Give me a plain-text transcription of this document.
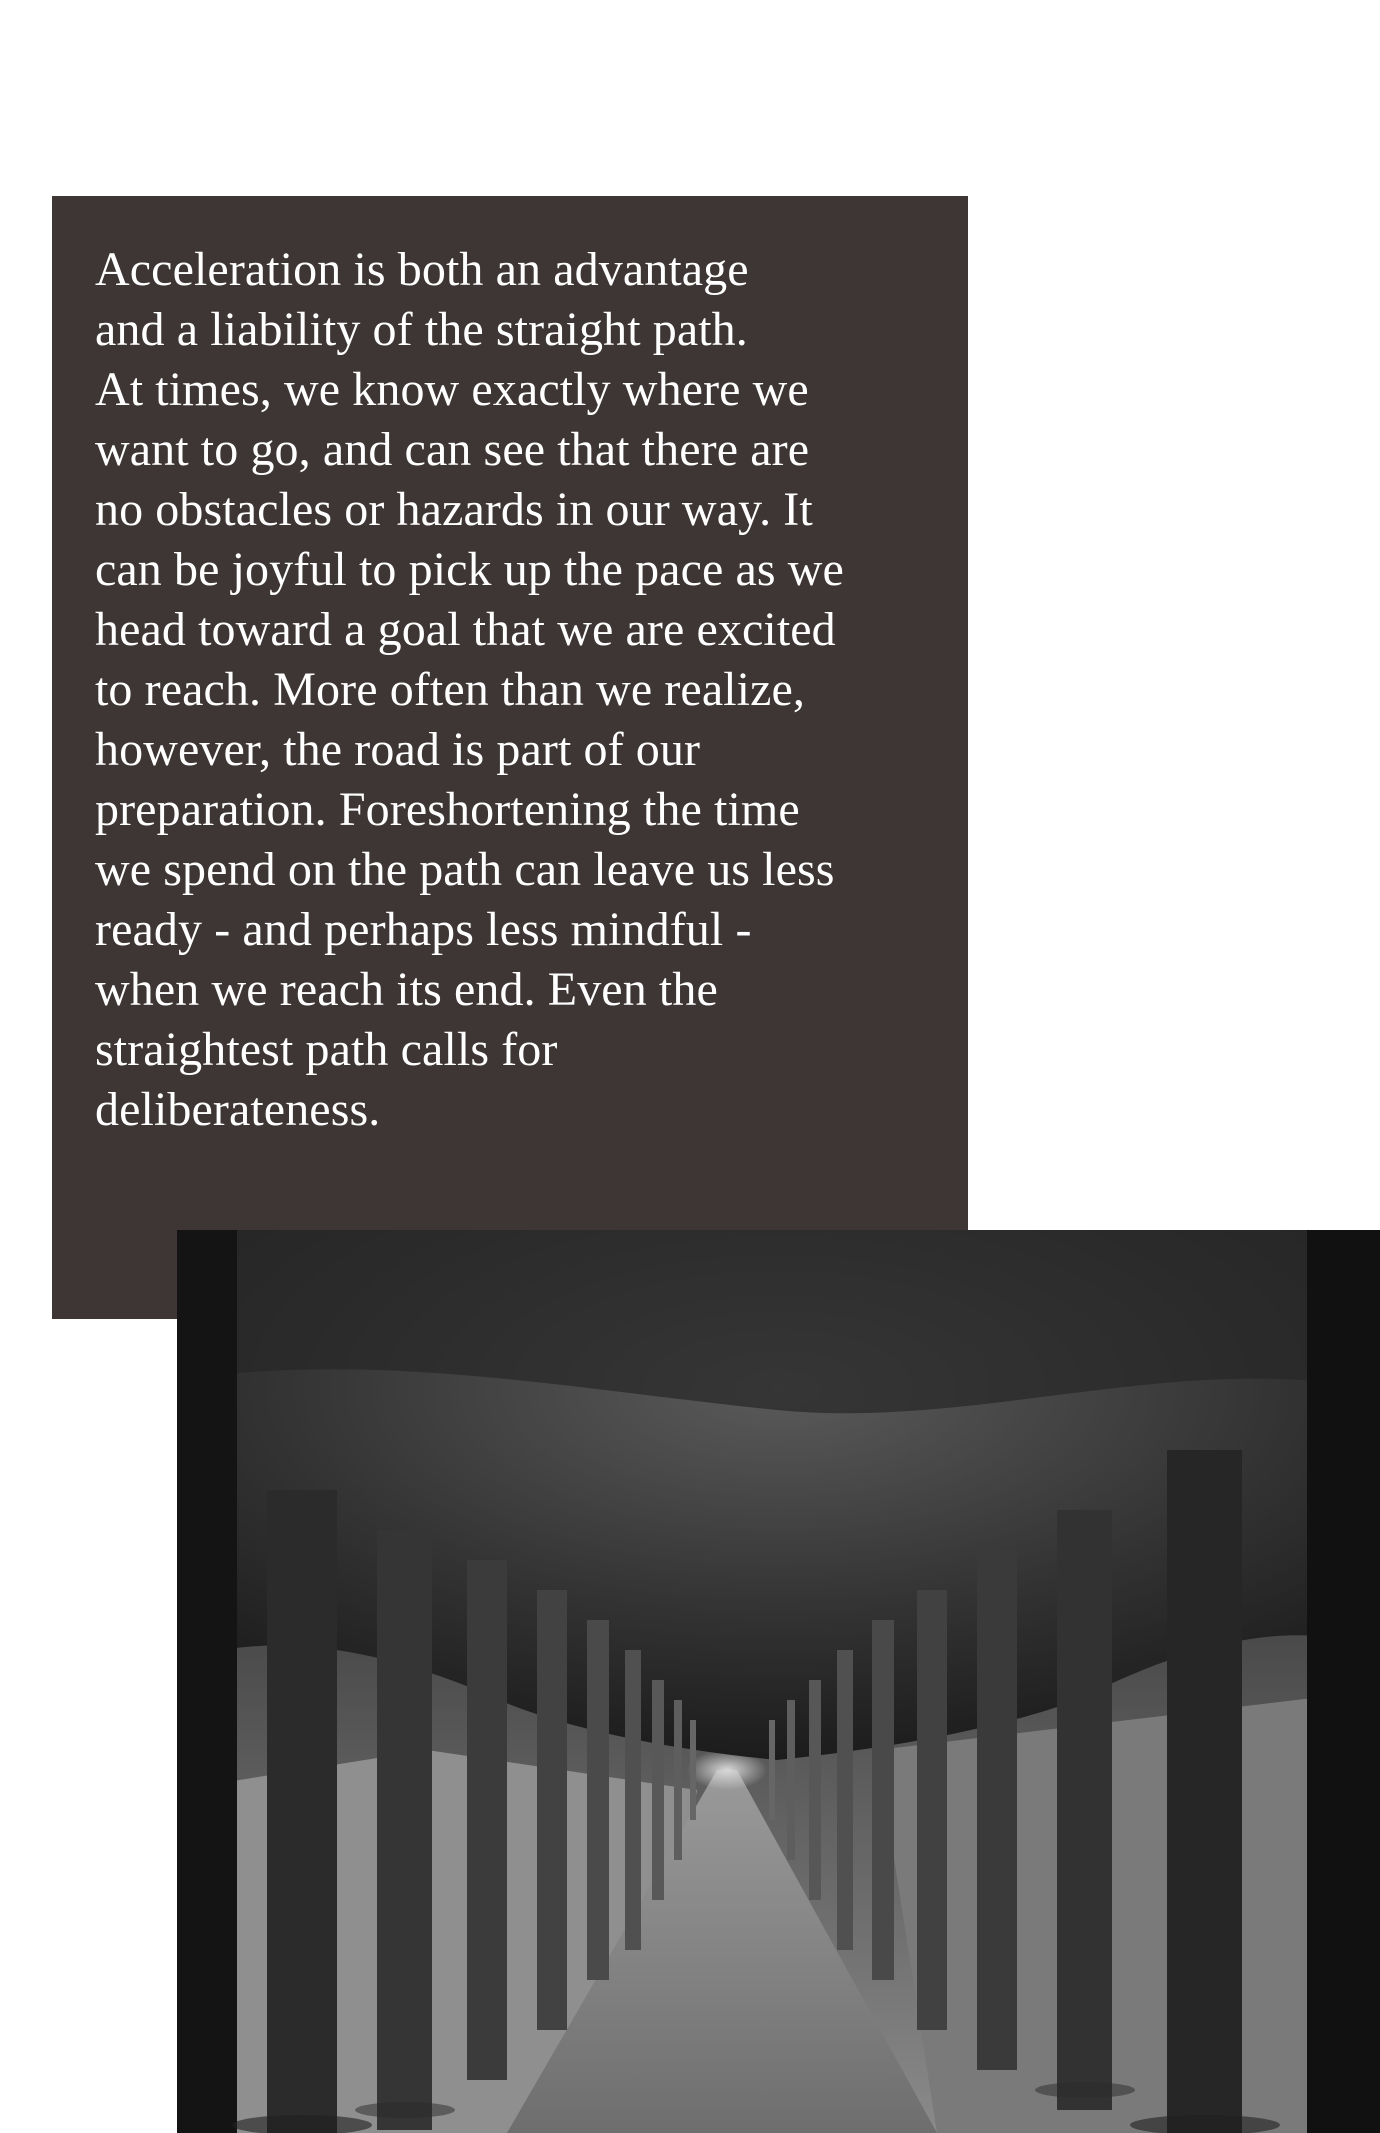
Acceleration is both an advantage
and a liability of the straight path.
At times, we know exactly where we
want to go, and can see that there are
no obstacles or hazards in our way. It
can be joyful to pick up the pace as we
head toward a goal that we are excited
to reach. More often than we realize,
however, the road is part of our
preparation. Foreshortening the time
we spend on the path can leave us less
ready - and perhaps less mindful -
when we reach its end. Even the
straightest path calls for
deliberateness.
